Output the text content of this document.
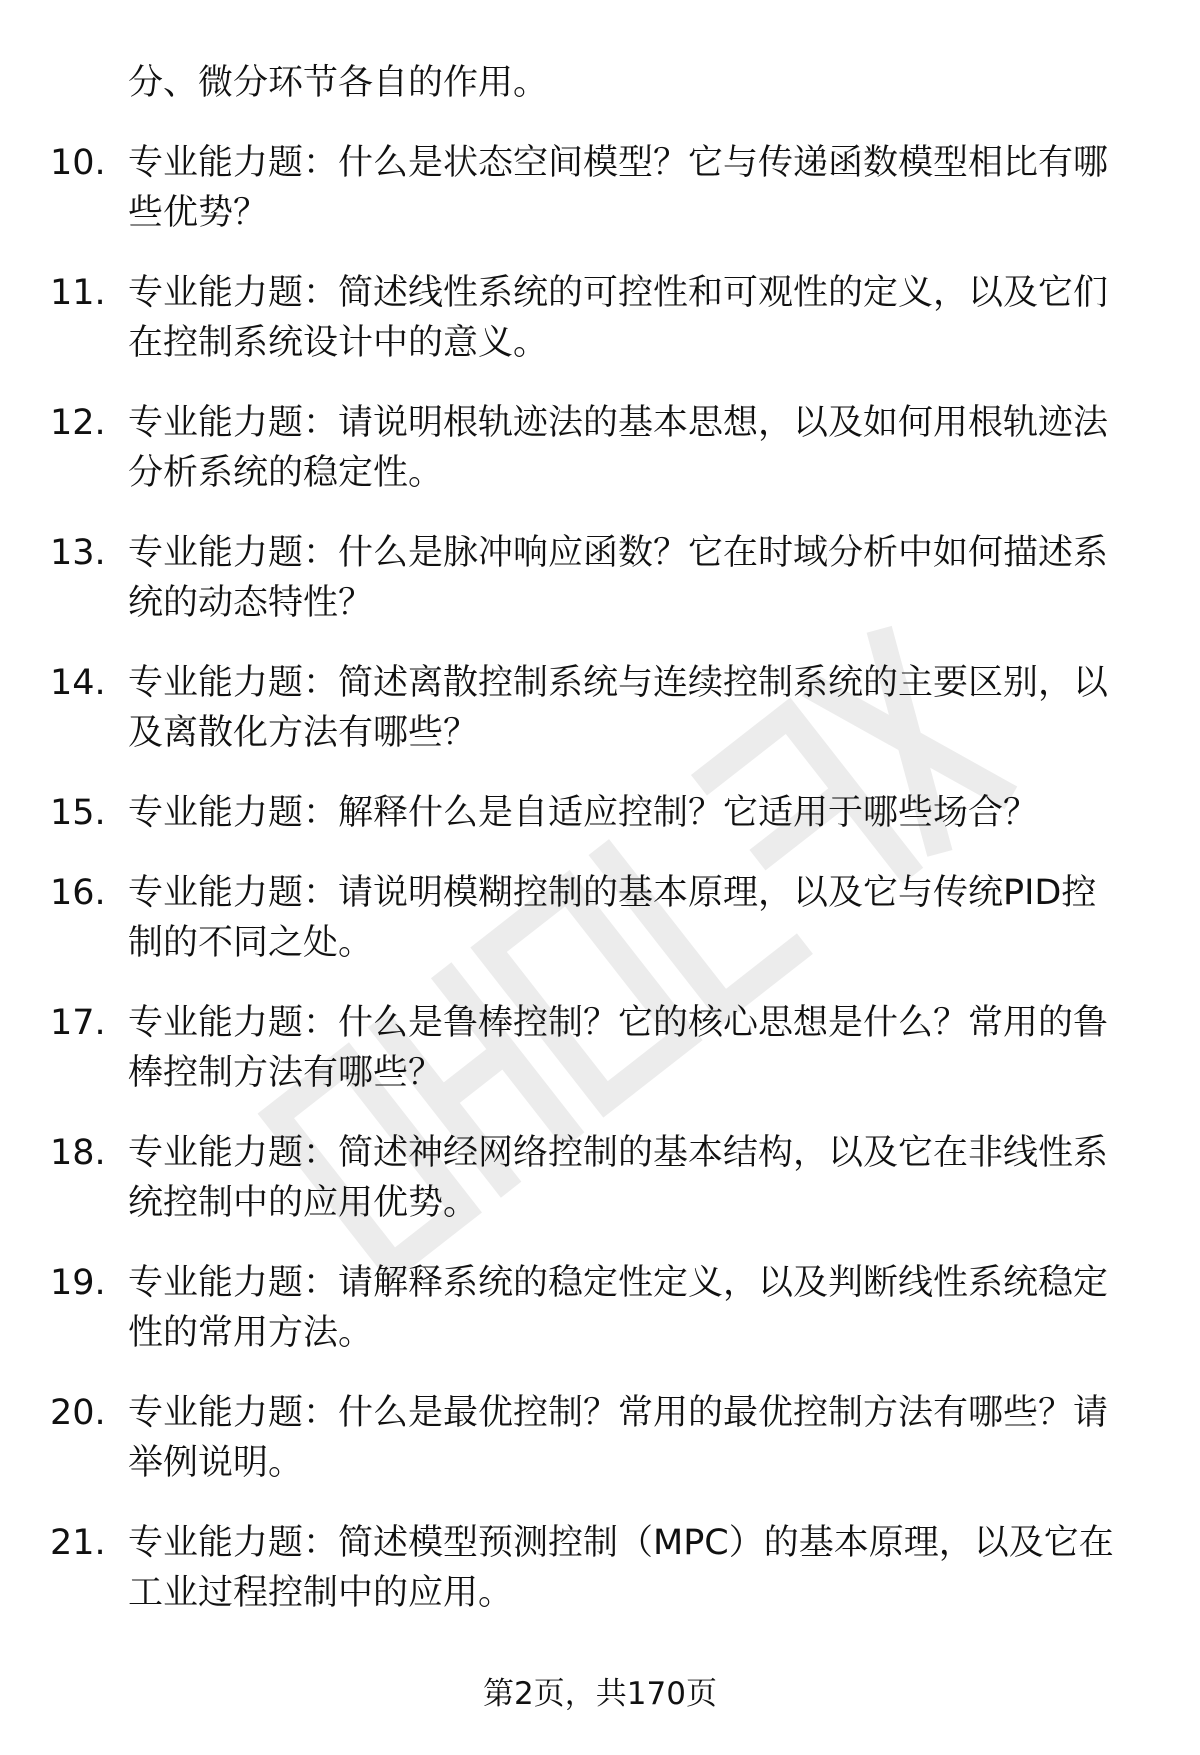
分、微分环节各自的作用。
10. 专业能力题：什么是状态空间模型？它与传递函数模型相比有哪
些优势？
11. 专业能力题：简述线性系统的可控性和可观性的定义，以及它们
在控制系统设计中的意义。
12. 专业能力题：请说明根轨迹法的基本思想，以及如何用根轨迹法
分析系统的稳定性。
13. 专业能力题：什么是脉冲响应函数？它在时域分析中如何描述系
统的动态特性？
14. 专业能力题：简述离散控制系统与连续控制系统的主要区别，以
及离散化方法有哪些？
15. 专业能力题：解释什么是自适应控制？它适用于哪些场合？
16. 专业能力题：请说明模糊控制的基本原理，以及它与传统PID控
制的不同之处。
17. 专业能力题：什么是鲁棒控制？它的核心思想是什么？常用的鲁
棒控制方法有哪些？
18. 专业能力题：简述神经网络控制的基本结构，以及它在非线性系
统控制中的应用优势。
19. 专业能力题：请解释系统的稳定性定义，以及判断线性系统稳定
性的常用方法。
20. 专业能力题：什么是最优控制？常用的最优控制方法有哪些？请
举例说明。
21. 专业能力题：简述模型预测控制（MPC）的基本原理，以及它在
工业过程控制中的应用。
第2页，共170页
